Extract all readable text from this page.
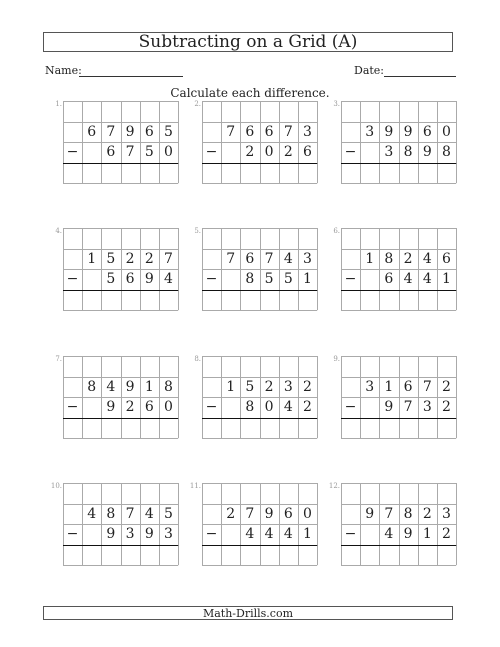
Subtracting on a Grid (A)
Name:	Date:
Calculate each difference.
1.
6 7 9 6 5
6 7 5 0
−
2.
7 6 6 7 3
2 0 2 6
−
3.
3 9 9 6 0
3 8 9 8
−
4.
1 5 2 2 7
5 6 9 4
−
5.
7 6 7 4 3
8 5 5 1
−
6.
1 8 2 4 6
6 4 4 1
−
7.
8 4 9 1 8
9 2 6 0
−
8.
1 5 2 3 2
8 0 4 2
−
9.
3 1 6 7 2
9 7 3 2
−
10.
4 8 7 4 5
9 3 9 3
−
11.
2 7 9 6 0
4 4 4 1
−
12.
9 7 8 2 3
4 9 1 2
−
Math-Drills.com
